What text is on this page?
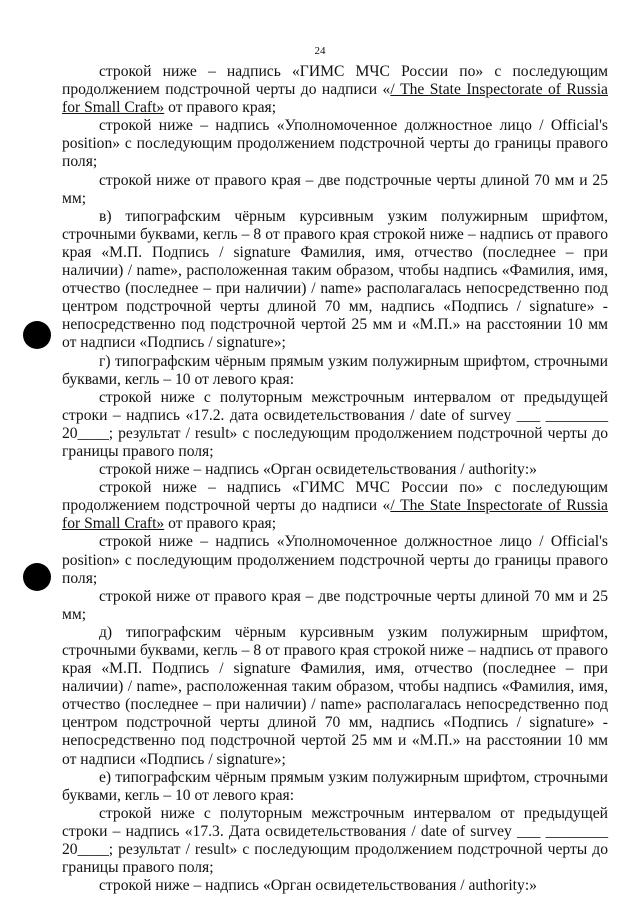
24

строкой ниже – надпись «ГИМС МЧС России по» с последующим продолжением подстрочной черты до надписи «/ The State Inspectorate of Russia for Small Craft» от правого края;

строкой ниже – надпись «Уполномоченное должностное лицо / Official's position» с последующим продолжением подстрочной черты до границы правого поля;

строкой ниже от правого края – две подстрочные черты длиной 70 мм и 25 мм;

в) типографским чёрным курсивным узким полужирным шрифтом, строчными буквами, кегль – 8 от правого края строкой ниже – надпись от правого края «М.П. Подпись / signature Фамилия, имя, отчество (последнее – при наличии) / name», расположенная таким образом, чтобы надпись «Фамилия, имя, отчество (последнее – при наличии) / name» располагалась непосредственно под центром подстрочной черты длиной 70 мм, надпись «Подпись / signature» - непосредственно под подстрочной чертой 25 мм и «М.П.» на расстоянии 10 мм от надписи «Подпись / signature»;

г) типографским чёрным прямым узким полужирным шрифтом, строчными буквами, кегль – 10 от левого края:

строкой ниже с полуторным межстрочным интервалом от предыдущей строки – надпись «17.2. дата освидетельствования / date of survey ___ ________ 20____; результат / result» с последующим продолжением подстрочной черты до границы правого поля;

строкой ниже – надпись «Орган освидетельствования / authority:»

строкой ниже – надпись «ГИМС МЧС России по» с последующим продолжением подстрочной черты до надписи «/ The State Inspectorate of Russia for Small Craft» от правого края;

строкой ниже – надпись «Уполномоченное должностное лицо / Official's position» с последующим продолжением подстрочной черты до границы правого поля;

строкой ниже от правого края – две подстрочные черты длиной 70 мм и 25 мм;

д) типографским чёрным курсивным узким полужирным шрифтом, строчными буквами, кегль – 8 от правого края строкой ниже – надпись от правого края «М.П. Подпись / signature Фамилия, имя, отчество (последнее – при наличии) / name», расположенная таким образом, чтобы надпись «Фамилия, имя, отчество (последнее – при наличии) / name» располагалась непосредственно под центром подстрочной черты длиной 70 мм, надпись «Подпись / signature» - непосредственно под подстрочной чертой 25 мм и «М.П.» на расстоянии 10 мм от надписи «Подпись / signature»;

е) типографским чёрным прямым узким полужирным шрифтом, строчными буквами, кегль – 10 от левого края:

строкой ниже с полуторным межстрочным интервалом от предыдущей строки – надпись «17.3. Дата освидетельствования / date of survey ___ ________ 20____; результат / result» с последующим продолжением подстрочной черты до границы правого поля;

строкой ниже – надпись «Орган освидетельствования / authority:»
